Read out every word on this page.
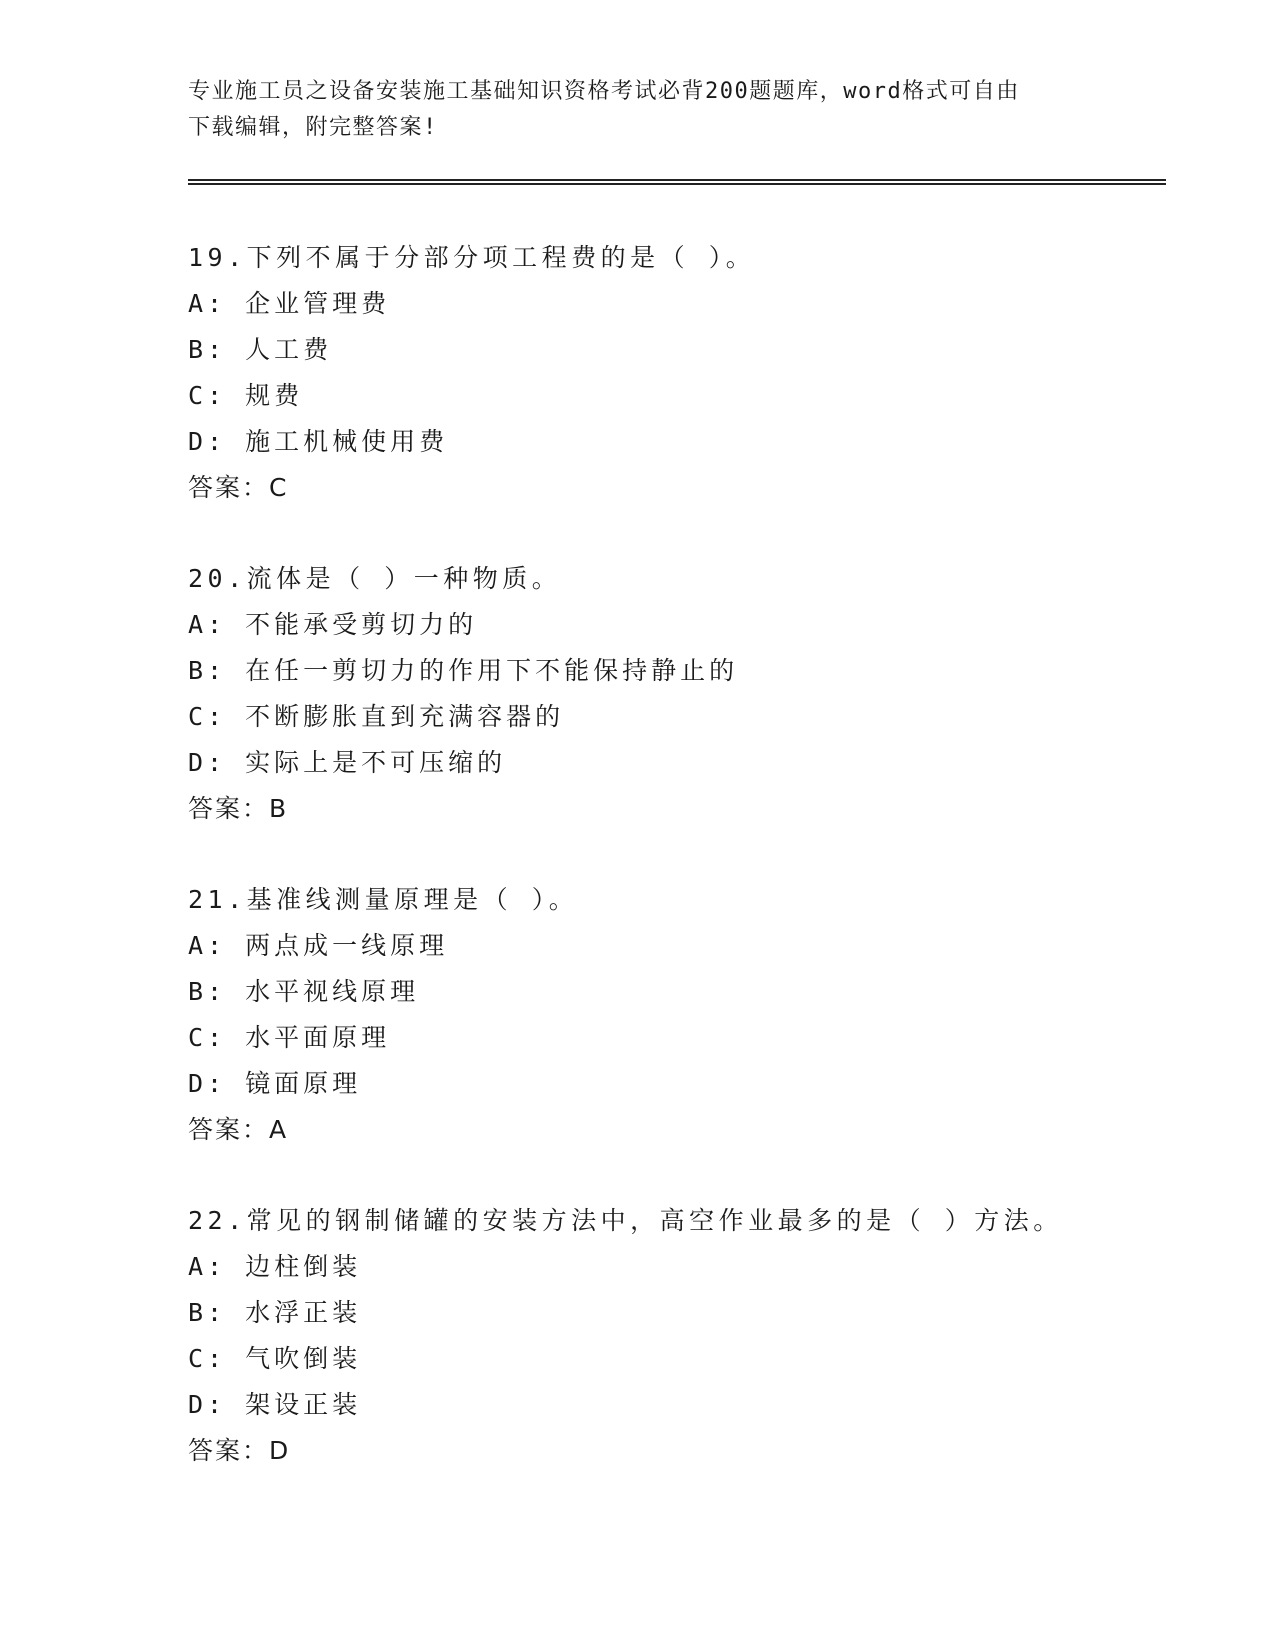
专业施工员之设备安装施工基础知识资格考试必背200题题库，word格式可自由
下载编辑，附完整答案!
19.下列不属于分部分项工程费的是（ ）。
A: 企业管理费
B: 人工费
C: 规费
D: 施工机械使用费
答案：C
20.流体是（ ）一种物质。
A: 不能承受剪切力的
B: 在任一剪切力的作用下不能保持静止的
C: 不断膨胀直到充满容器的
D: 实际上是不可压缩的
答案：B
21.基准线测量原理是（ ）。
A: 两点成一线原理
B: 水平视线原理
C: 水平面原理
D: 镜面原理
答案：A
22.常见的钢制储罐的安装方法中，高空作业最多的是（ ）方法。
A: 边柱倒装
B: 水浮正装
C: 气吹倒装
D: 架设正装
答案：D
